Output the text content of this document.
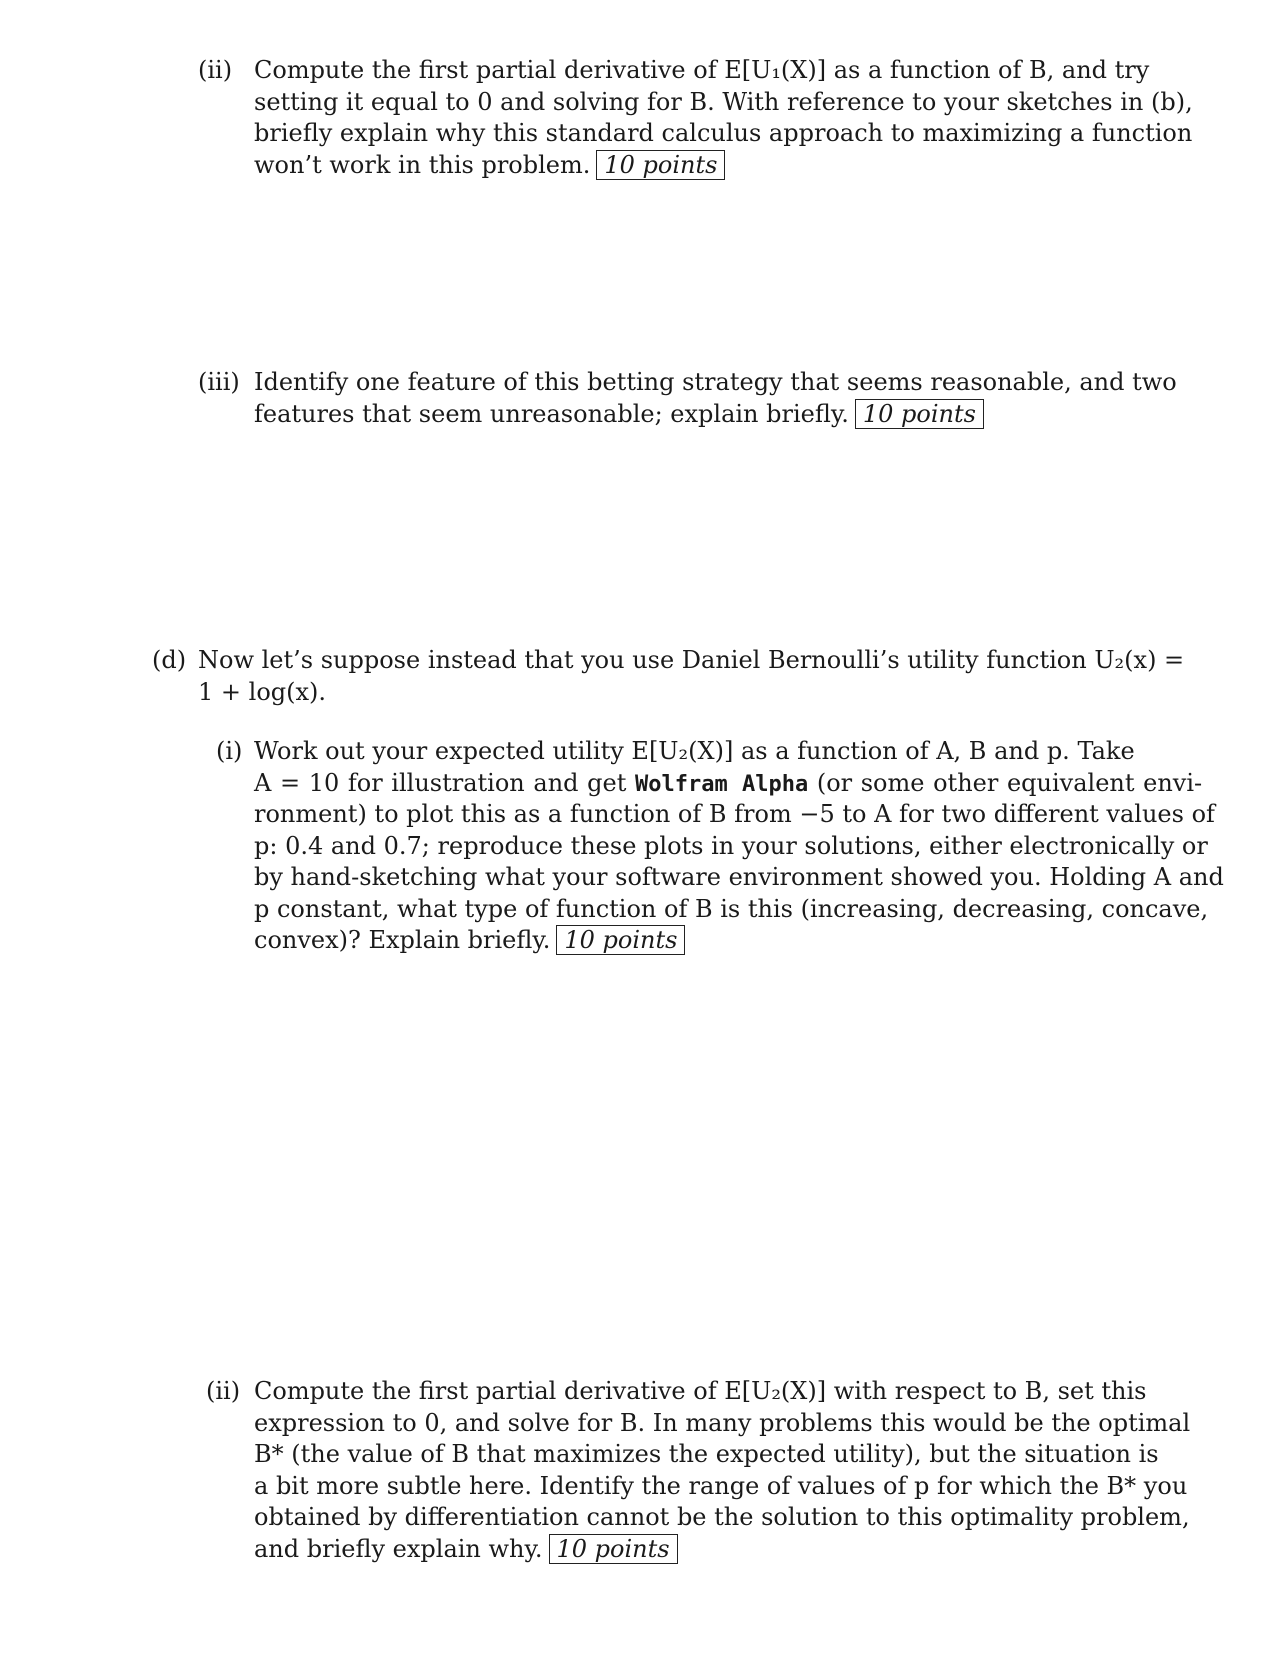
(ii) Compute the first partial derivative of E[U₁(X)] as a function of B, and try
setting it equal to 0 and solving for B. With reference to your sketches in (b),
briefly explain why this standard calculus approach to maximizing a function
won’t work in this problem. 10 points
(iii) Identify one feature of this betting strategy that seems reasonable, and two
features that seem unreasonable; explain briefly. 10 points
(d) Now let’s suppose instead that you use Daniel Bernoulli’s utility function U₂(x) =
1 + log(x).
(i) Work out your expected utility E[U₂(X)] as a function of A, B and p. Take
A = 10 for illustration and get Wolfram Alpha (or some other equivalent envi-
ronment) to plot this as a function of B from −5 to A for two different values of
p: 0.4 and 0.7; reproduce these plots in your solutions, either electronically or
by hand-sketching what your software environment showed you. Holding A and
p constant, what type of function of B is this (increasing, decreasing, concave,
convex)? Explain briefly. 10 points
(ii) Compute the first partial derivative of E[U₂(X)] with respect to B, set this
expression to 0, and solve for B. In many problems this would be the optimal
B* (the value of B that maximizes the expected utility), but the situation is
a bit more subtle here. Identify the range of values of p for which the B* you
obtained by differentiation cannot be the solution to this optimality problem,
and briefly explain why. 10 points
